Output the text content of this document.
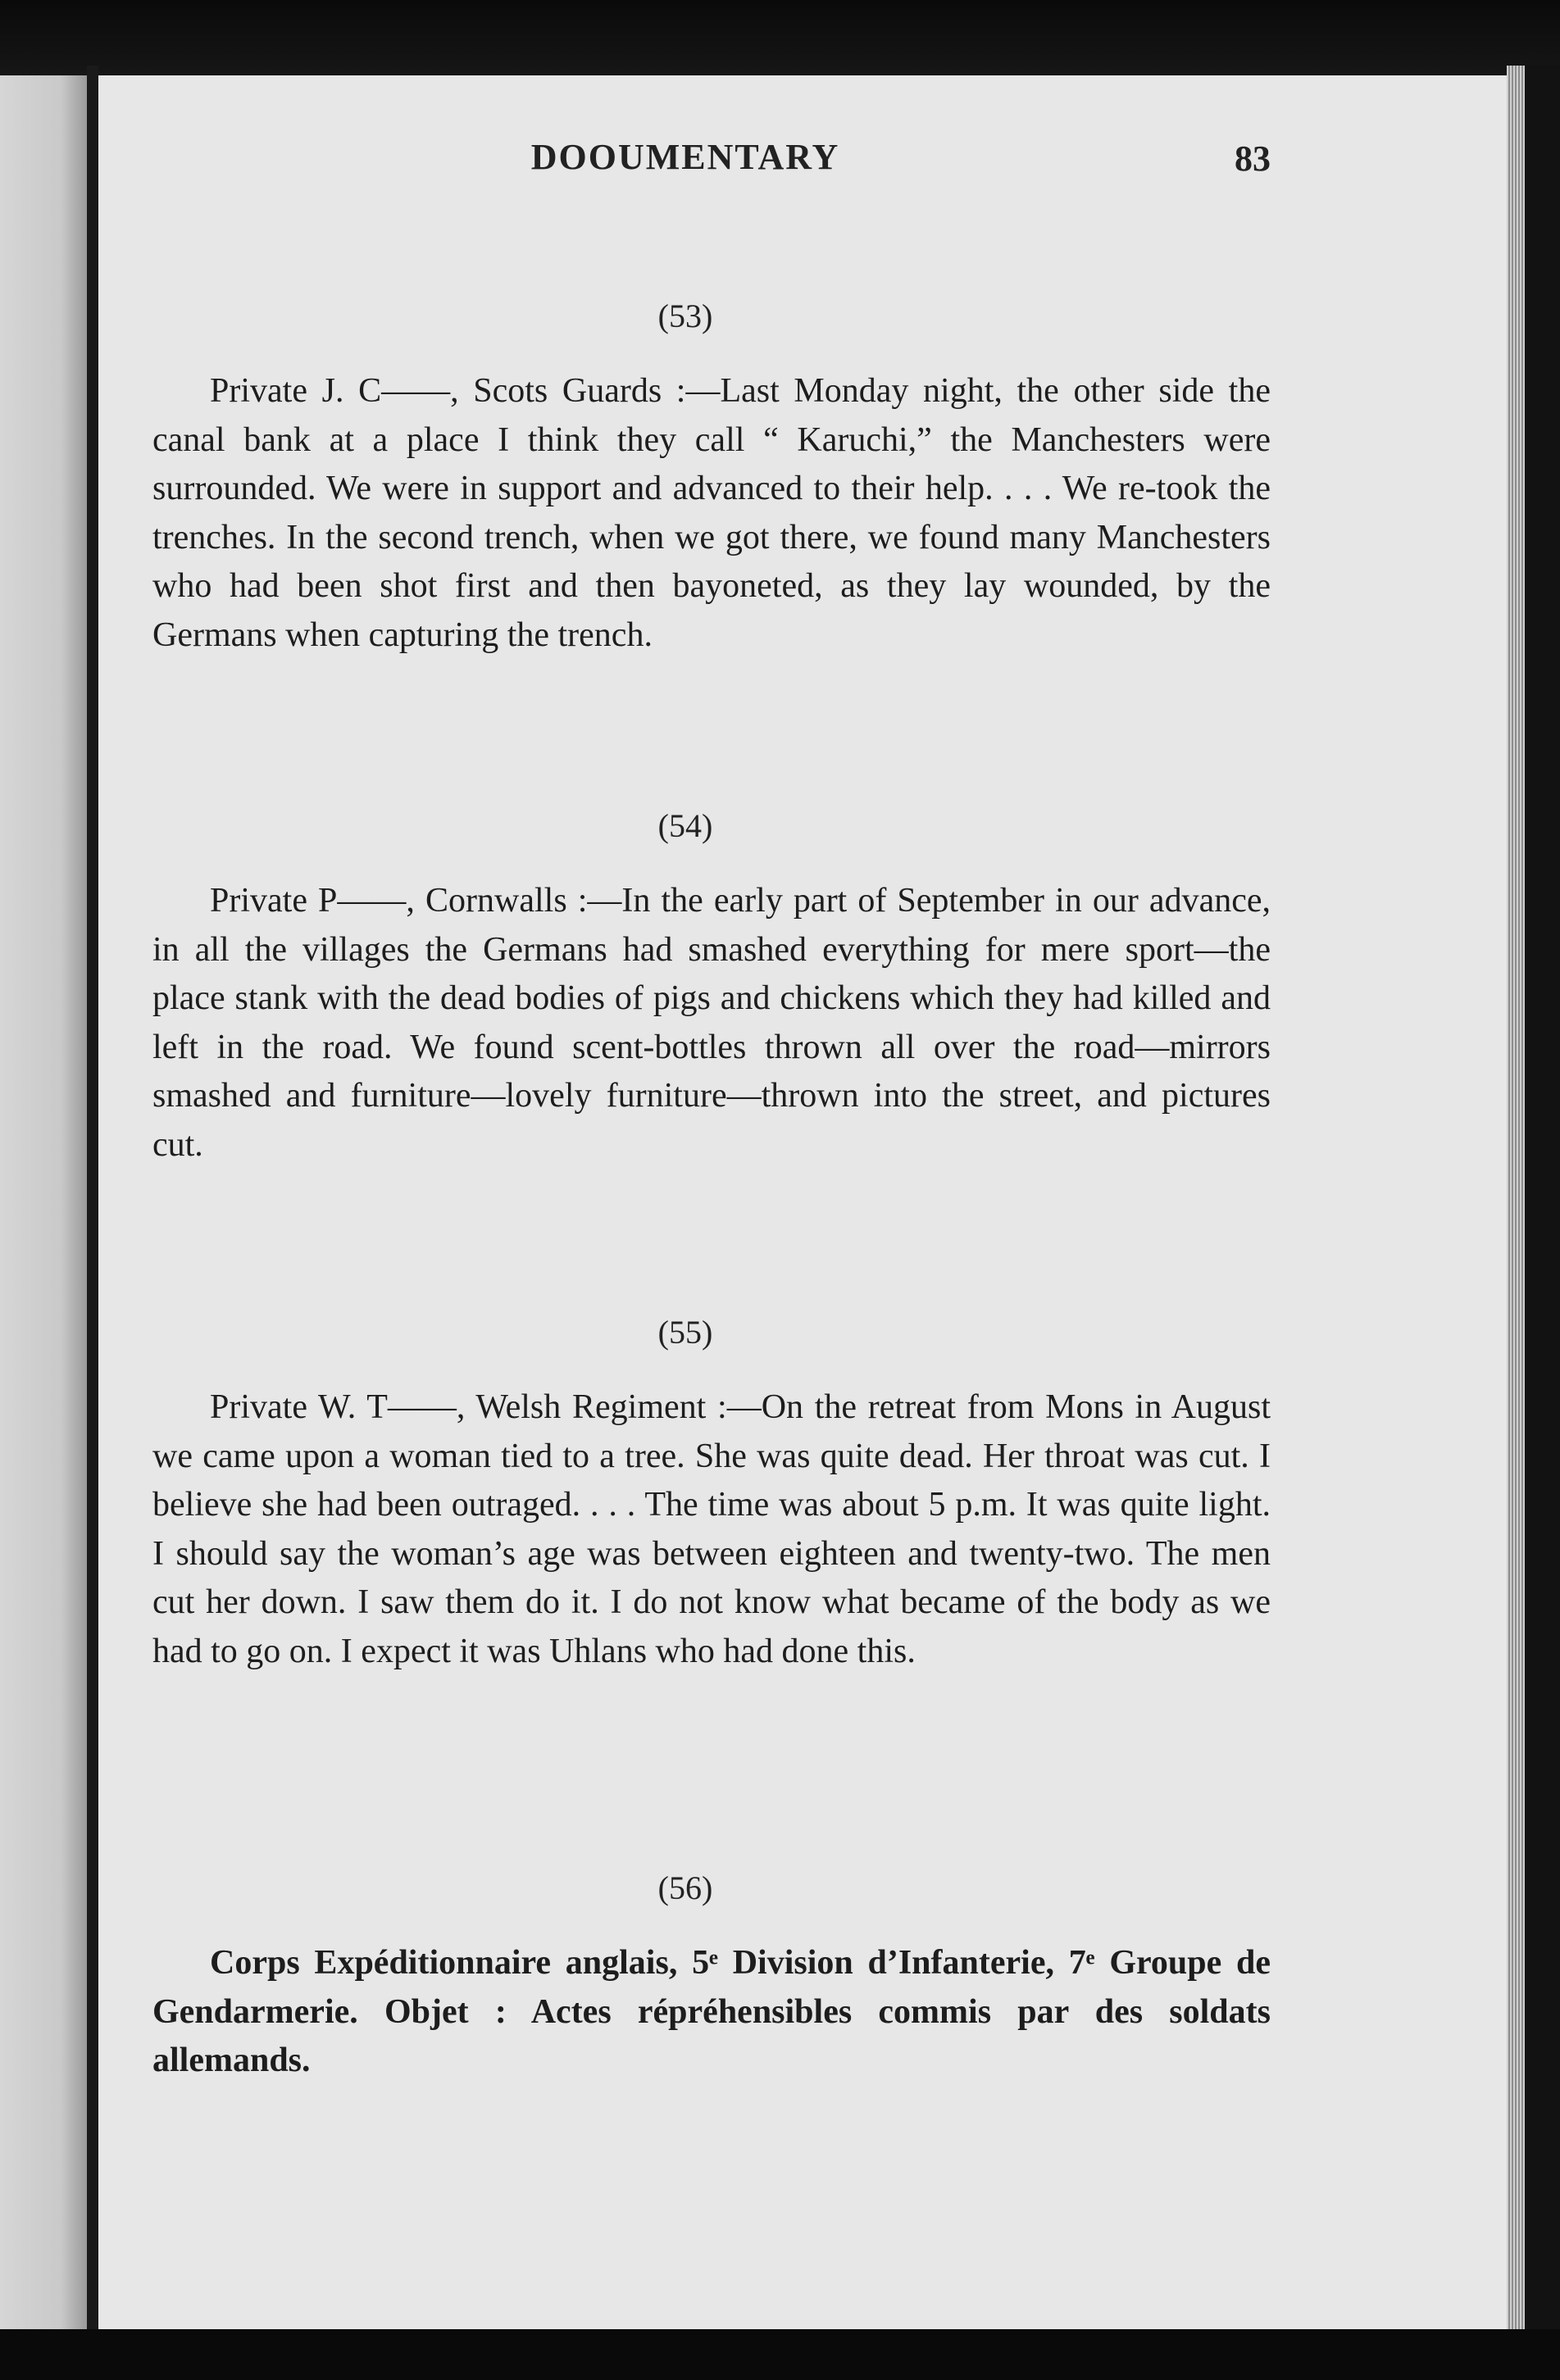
DOOUMENTARY	83
(53)

Private J. C——, Scots Guards :—Last Monday night, the other side the canal bank at a place I think they call “ Karuchi,” the Manchesters were surrounded. We were in support and advanced to their help. . . . We re-took the trenches. In the second trench, when we got there, we found many Manchesters who had been shot first and then bayoneted, as they lay wounded, by the Germans when capturing the trench.

(54)

Private P——, Cornwalls :—In the early part of September in our advance, in all the villages the Germans had smashed everything for mere sport—the place stank with the dead bodies of pigs and chickens which they had killed and left in the road. We found scent-bottles thrown all over the road—mirrors smashed and furniture—lovely furniture—thrown into the street, and pictures cut.

(55)

Private W. T——, Welsh Regiment :—On the retreat from Mons in August we came upon a woman tied to a tree. She was quite dead. Her throat was cut. I believe she had been outraged. . . . The time was about 5 p.m. It was quite light. I should say the woman’s age was between eighteen and twenty-two. The men cut her down. I saw them do it. I do not know what became of the body as we had to go on. I expect it was Uhlans who had done this.

(56)

Corps Expéditionnaire anglais, 5ᵉ Division d’Infanterie, 7ᵉ Groupe de Gendarmerie. Objet : Actes répréhensibles commis par des soldats allemands.
